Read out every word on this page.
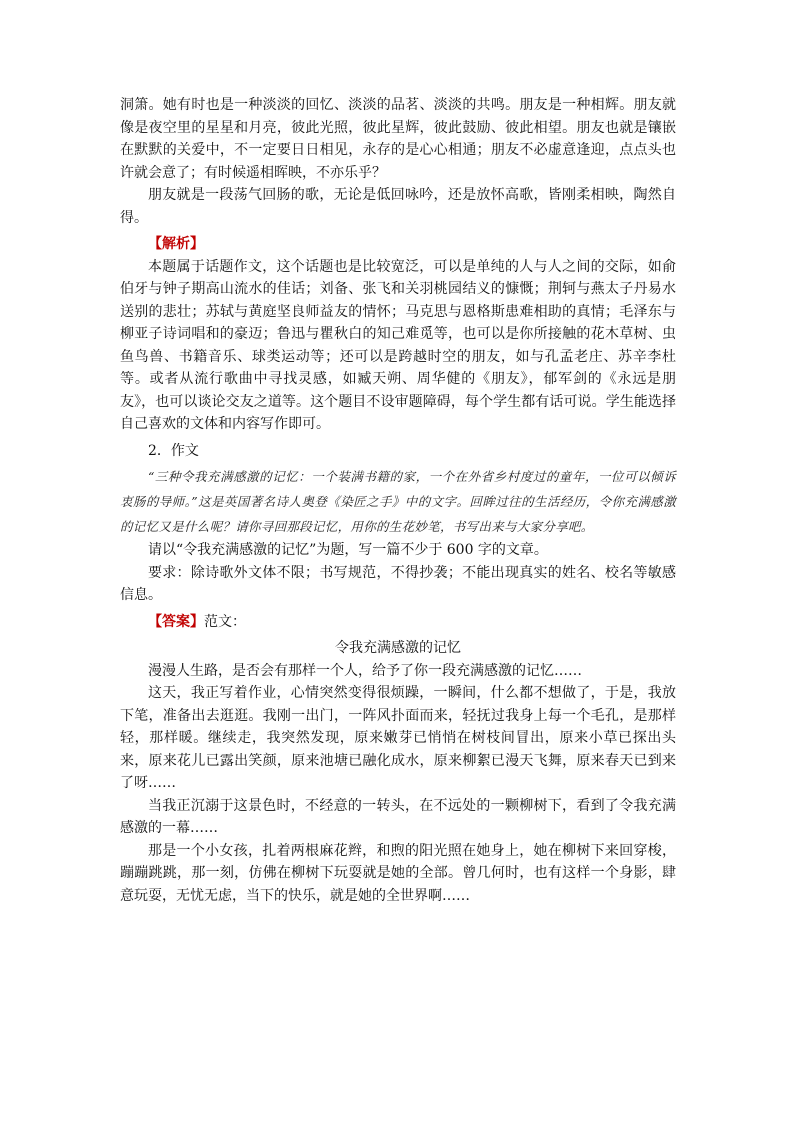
洞箫。她有时也是一种淡淡的回忆、淡淡的品茗、淡淡的共鸣。朋友是一种相辉。朋友就像是夜空里的星星和月亮，彼此光照，彼此星辉，彼此鼓励、彼此相望。朋友也就是镶嵌在默默的关爱中，不一定要日日相见，永存的是心心相通；朋友不必虚意逢迎，点点头也许就会意了；有时候遥相晖映，不亦乐乎？

朋友就是一段荡气回肠的歌，无论是低回咏吟，还是放怀高歌，皆刚柔相映，陶然自得。

【解析】

本题属于话题作文，这个话题也是比较宽泛，可以是单纯的人与人之间的交际，如俞伯牙与钟子期高山流水的佳话；刘备、张飞和关羽桃园结义的慷慨；荆轲与燕太子丹易水送别的悲壮；苏轼与黄庭坚良师益友的情怀；马克思与恩格斯患难相助的真情；毛泽东与柳亚子诗词唱和的豪迈；鲁迅与瞿秋白的知己难觅等，也可以是你所接触的花木草树、虫鱼鸟兽、书籍音乐、球类运动等；还可以是跨越时空的朋友，如与孔孟老庄、苏辛李杜等。或者从流行歌曲中寻找灵感，如臧天朔、周华健的《朋友》，郁军剑的《永远是朋友》，也可以谈论交友之道等。这个题目不设审题障碍，每个学生都有话可说。学生能选择自己喜欢的文体和内容写作即可。

2．作文

“三种令我充满感激的记忆：一个装满书籍的家，一个在外省乡村度过的童年，一位可以倾诉衷肠的导师。”这是英国著名诗人奥登《染匠之手》中的文字。回眸过往的生活经历，令你充满感激的记忆又是什么呢？请你寻回那段记忆，用你的生花妙笔，书写出来与大家分享吧。

请以“令我充满感激的记忆”为题，写一篇不少于 600 字的文章。

要求：除诗歌外文体不限；书写规范，不得抄袭；不能出现真实的姓名、校名等敏感信息。

【答案】范文：

令我充满感激的记忆

漫漫人生路，是否会有那样一个人，给予了你一段充满感激的记忆……

这天，我正写着作业，心情突然变得很烦躁，一瞬间，什么都不想做了，于是，我放下笔，准备出去逛逛。我刚一出门，一阵风扑面而来，轻抚过我身上每一个毛孔，是那样轻，那样暖。继续走，我突然发现，原来嫩芽已悄悄在树枝间冒出，原来小草已探出头来，原来花儿已露出笑颜，原来池塘已融化成水，原来柳絮已漫天飞舞，原来春天已到来了呀……

当我正沉溺于这景色时，不经意的一转头，在不远处的一颗柳树下，看到了令我充满感激的一幕……

那是一个小女孩，扎着两根麻花辫，和煦的阳光照在她身上，她在柳树下来回穿梭，蹦蹦跳跳，那一刻，仿佛在柳树下玩耍就是她的全部。曾几何时，也有这样一个身影，肆意玩耍，无忧无虑，当下的快乐，就是她的全世界啊……
